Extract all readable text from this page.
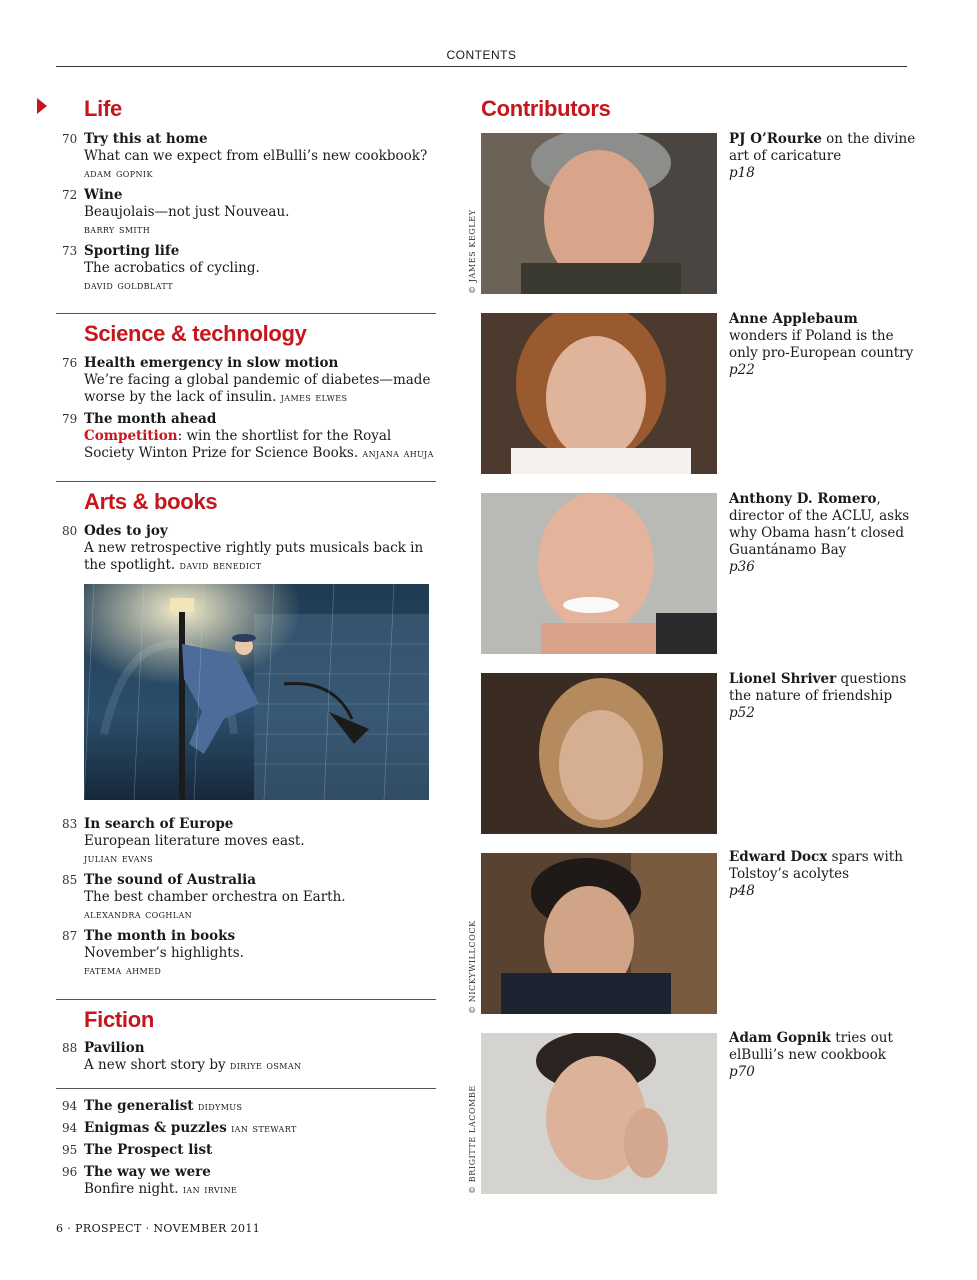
CONTENTS
Life
70 Try this at home
What can we expect from elBulli’s new cookbook?
adam gopnik
72 Wine
Beaujolais—not just Nouveau.
barry smith
73 Sporting life
The acrobatics of cycling.
david goldblatt
Science & technology
76 Health emergency in slow motion
We’re facing a global pandemic of diabetes—made worse by the lack of insulin. james elwes
79 The month ahead
Competition: win the shortlist for the Royal Society Winton Prize for Science Books. anjana ahuja
Arts & books
80 Odes to joy
A new retrospective rightly puts musicals back in the spotlight. david benedict
83 In search of Europe
European literature moves east.
julian evans
85 The sound of Australia
The best chamber orchestra on Earth.
alexandra coghlan
87 The month in books
November’s highlights.
fatema ahmed
Fiction
88 Pavilion
A new short story by diriye osman
94 The generalist didymus
94 Enigmas & puzzles ian stewart
95 The Prospect list
96 The way we were
Bonfire night. ian irvine
Contributors
© JAMES KEGLEY
PJ O’Rourke on the divine art of caricature
p18
Anne Applebaum wonders if Poland is the only pro-European country
p22
Anthony D. Romero, director of the ACLU, asks why Obama hasn’t closed Guantánamo Bay
p36
Lionel Shriver questions the nature of friendship
p52
© NICKYWILLCOCK
Edward Docx spars with Tolstoy’s acolytes
p48
© BRIGITTE LACOMBE
Adam Gopnik tries out elBulli’s new cookbook
p70
6 · PROSPECT · NOVEMBER 2011
